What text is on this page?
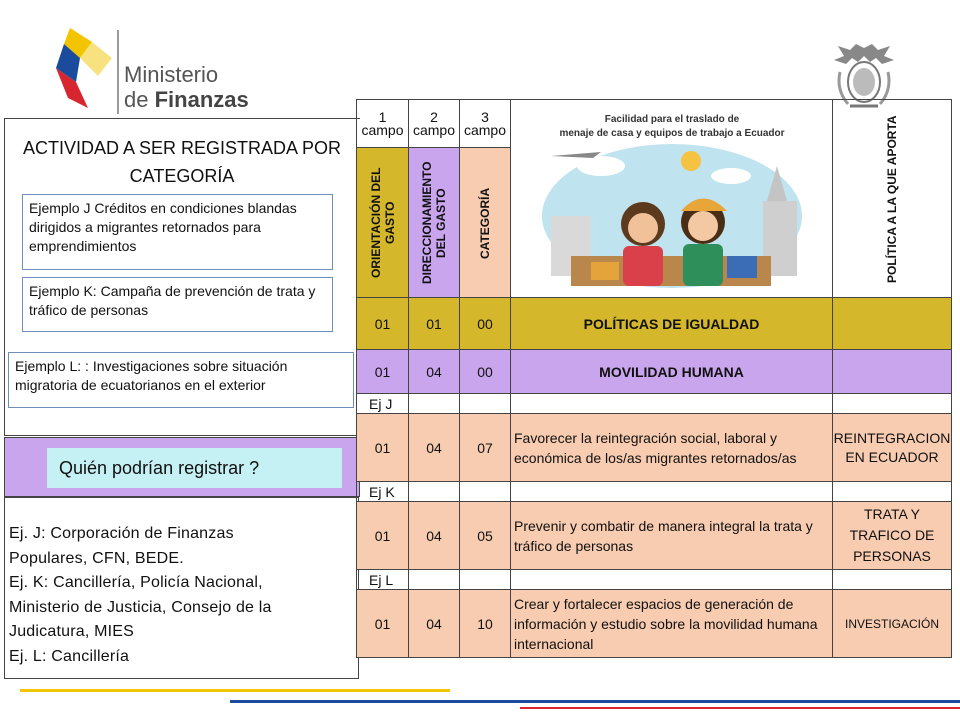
Ministerio
de Finanzas
ACTIVIDAD A SER REGISTRADA POR CATEGORÍA
Ejemplo J Créditos en condiciones blandas dirigidos a migrantes retornados para emprendimientos
Ejemplo K: Campaña de prevención de trata y tráfico de personas
Ejemplo L: : Investigaciones sobre situación migratoria de ecuatorianos en el exterior
Quién podrían registrar ?
Ej. J: Corporación de Finanzas
Populares, CFN, BEDE.
Ej. K: Cancillería, Policía Nacional,
Ministerio de Justicia, Consejo de la
Judicatura, MIES
Ej. L: Cancillería
1 campo	2 campo	3 campo	Facilidad para el traslado de
menaje de casa y equipos de trabajo a Ecuador	POLÍTICA A LA QUE APORTA

ORIENTACIÓN DEL GASTO	DIRECCIONAMIENTO DEL GASTO	CATEGORÍA		

01	01	00	POLÍTICAS DE IGUALDAD	
01	04	00	MOVILIDAD HUMANA	
Ej J				
01	04	07	Favorecer la reintegración social, laboral y económica de los/as migrantes retornados/as	REINTEGRACION EN ECUADOR
Ej K				
01	04	05	Prevenir y combatir de manera integral la trata y tráfico de personas	TRATA Y TRAFICO DE PERSONAS
Ej L				
01	04	10	Crear y fortalecer espacios de generación de información y estudio sobre la movilidad humana internacional	INVESTIGACIÓN
